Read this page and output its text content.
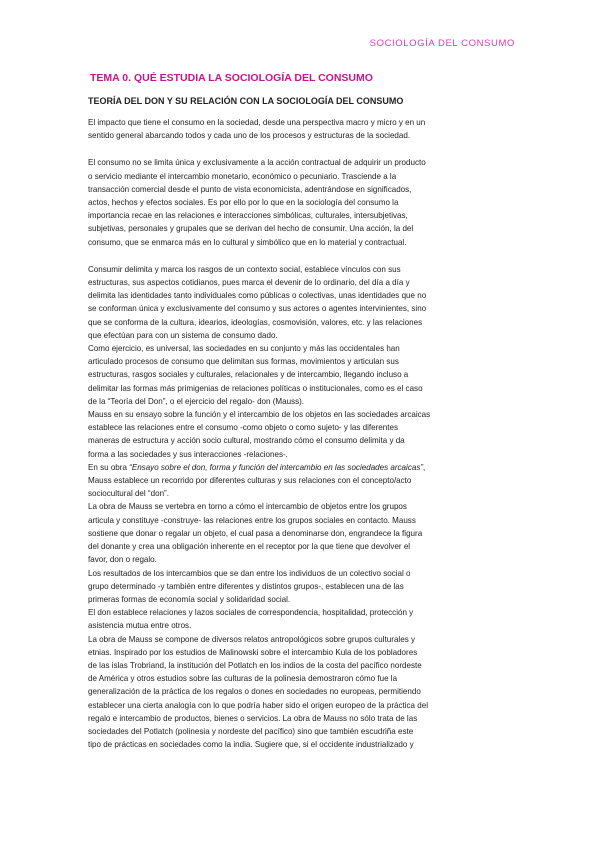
SOCIOLOGÍA DEL CONSUMO
TEMA 0. QUÉ ESTUDIA LA SOCIOLOGÍA DEL CONSUMO
TEORÍA DEL DON Y SU RELACIÓN CON LA SOCIOLOGÍA DEL CONSUMO

El impacto que tiene el consumo en la sociedad, desde una perspectiva macro y micro y en un

sentido general abarcando todos y cada uno de los procesos y estructuras de la sociedad.

El consumo no se limita única y exclusivamente a la acción contractual de adquirir un producto

o servicio mediante el intercambio monetario, económico o pecuniario. Trasciende a la

transacción comercial desde el punto de vista economicista, adentrándose en significados,

actos, hechos y efectos sociales. Es por ello por lo que en la sociología del consumo la

importancia recae en las relaciones e interacciones simbólicas, culturales, intersubjetivas,

subjetivas, personales y grupales que se derivan del hecho de consumir. Una acción, la del

consumo, que se enmarca más en lo cultural y simbólico que en lo material y contractual.

Consumir delimita y marca los rasgos de un contexto social, establece vínculos con sus

estructuras, sus aspectos cotidianos, pues marca el devenir de lo ordinario, del día a día y

delimita las identidades tanto individuales como públicas o colectivas, unas identidades que no

se conforman única y exclusivamente del consumo y sus actores o agentes intervinientes, sino

que se conforma de la cultura, idearios, ideologías, cosmovisión, valores, etc. y las relaciones

que efectúan para con un sistema de consumo dado.

Como ejercicio, es universal, las sociedades en su conjunto y más las occidentales han

articulado procesos de consumo que delimitan sus formas, movimientos y articulan sus

estructuras, rasgos sociales y culturales, relacionales y de intercambio, llegando incluso a

delimitar las formas más primigenias de relaciones políticas o institucionales, como es el caso

de la “Teoría del Don”, o el ejercicio del regalo- don (Mauss).

Mauss en su ensayo sobre la función y el intercambio de los objetos en las sociedades arcaicas

establece las relaciones entre el consumo -como objeto o como sujeto- y las diferentes

maneras de estructura y acción socio cultural, mostrando cómo el consumo delimita y da

forma a las sociedades y sus interacciones -relaciones-.

En su obra “Ensayo sobre el don, forma y función del intercambio en las sociedades arcaicas”,

Mauss establece un recorrido por diferentes culturas y sus relaciones con el concepto/acto

sociocultural del “don”.

La obra de Mauss se vertebra en torno a cómo el intercambio de objetos entre los grupos

articula y constituye -construye- las relaciones entre los grupos sociales en contacto. Mauss

sostiene que donar o regalar un objeto, el cual pasa a denominarse don, engrandece la figura

del donante y crea una obligación inherente en el receptor por la que tiene que devolver el

favor, don o regalo.

Los resultados de los intercambios que se dan entre los individuos de un colectivo social o

grupo determinado -y también entre diferentes y distintos grupos-, establecen una de las

primeras formas de economía social y solidaridad social.

El don establece relaciones y lazos sociales de correspondencia, hospitalidad, protección y

asistencia mutua entre otros.

La obra de Mauss se compone de diversos relatos antropológicos sobre grupos culturales y

etnias. Inspirado por los estudios de Malinowski sobre el intercambio Kula de los pobladores

de las islas Trobriand, la institución del Potlatch en los indios de la costa del pacífico nordeste

de América y otros estudios sobre las culturas de la polinesia demostraron cómo fue la

generalización de la práctica de los regalos o dones en sociedades no europeas, permitiendo

establecer una cierta analogía con lo que podría haber sido el origen europeo de la práctica del

regalo e intercambio de productos, bienes o servicios. La obra de Mauss no sólo trata de las

sociedades del Potlatch (polinesia y nordeste del pacífico) sino que también escudriña este

tipo de prácticas en sociedades como la india. Sugiere que, si el occidente industrializado y
